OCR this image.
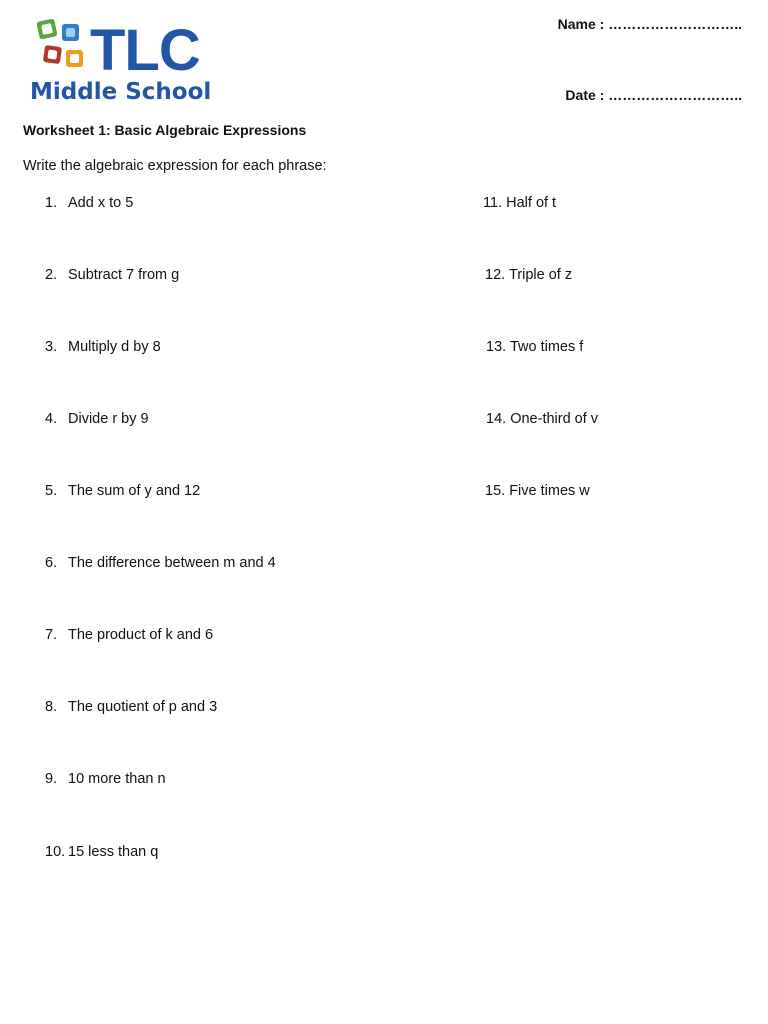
TLC
Middle School
Name : ………………………..
Date : ………………………..
Worksheet 1: Basic Algebraic Expressions
Write the algebraic expression for each phrase:
1. Add x to 5
2. Subtract 7 from g
3. Multiply d by 8
4. Divide r by 9
5. The sum of y and 12
6. The difference between m and 4
7. The product of k and 6
8. The quotient of p and 3
9. 10 more than n
10. 15 less than q
11. Half of t
12. Triple of z
13. Two times f
14. One-third of v
15. Five times w
